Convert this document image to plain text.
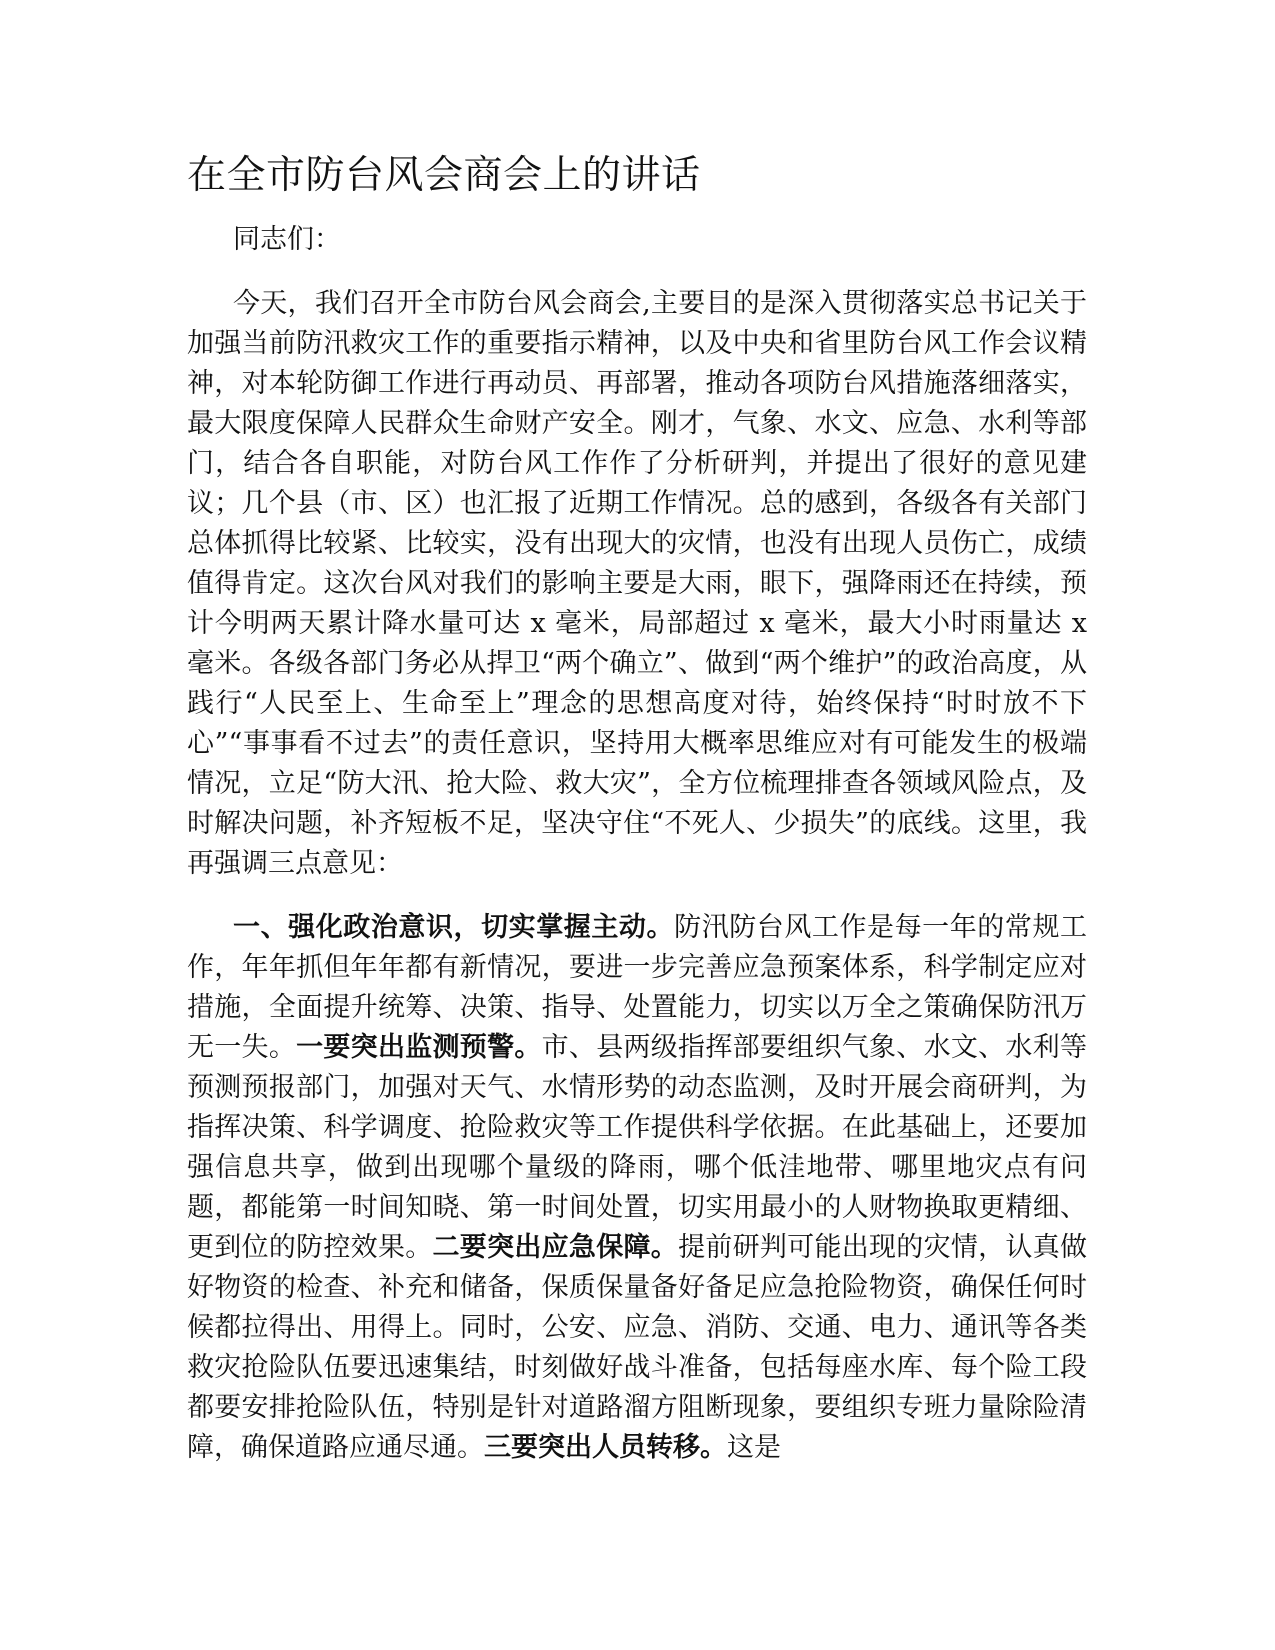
在全市防台风会商会上的讲话

同志们：

今天，我们召开全市防台风会商会,主要目的是深入贯彻落实总书记关于加强当前防汛救灾工作的重要指示精神，以及中央和省里防台风工作会议精神，对本轮防御工作进行再动员、再部署，推动各项防台风措施落细落实，最大限度保障人民群众生命财产安全。刚才，气象、水文、应急、水利等部门，结合各自职能，对防台风工作作了分析研判，并提出了很好的意见建议；几个县（市、区）也汇报了近期工作情况。总的感到，各级各有关部门总体抓得比较紧、比较实，没有出现大的灾情，也没有出现人员伤亡，成绩值得肯定。这次台风对我们的影响主要是大雨，眼下，强降雨还在持续，预计今明两天累计降水量可达 x 毫米，局部超过 x 毫米，最大小时雨量达 x 毫米。各级各部门务必从捍卫“两个确立”、做到“两个维护”的政治高度，从践行“人民至上、生命至上”理念的思想高度对待，始终保持“时时放不下心”“事事看不过去”的责任意识，坚持用大概率思维应对有可能发生的极端情况，立足“防大汛、抢大险、救大灾”，全方位梳理排查各领域风险点，及时解决问题，补齐短板不足，坚决守住“不死人、少损失”的底线。这里，我再强调三点意见：

一、强化政治意识，切实掌握主动。防汛防台风工作是每一年的常规工作，年年抓但年年都有新情况，要进一步完善应急预案体系，科学制定应对措施，全面提升统筹、决策、指导、处置能力，切实以万全之策确保防汛万无一失。一要突出监测预警。市、县两级指挥部要组织气象、水文、水利等预测预报部门，加强对天气、水情形势的动态监测，及时开展会商研判，为指挥决策、科学调度、抢险救灾等工作提供科学依据。在此基础上，还要加强信息共享，做到出现哪个量级的降雨，哪个低洼地带、哪里地灾点有问题，都能第一时间知晓、第一时间处置，切实用最小的人财物换取更精细、更到位的防控效果。二要突出应急保障。提前研判可能出现的灾情，认真做好物资的检查、补充和储备，保质保量备好备足应急抢险物资，确保任何时候都拉得出、用得上。同时，公安、应急、消防、交通、电力、通讯等各类救灾抢险队伍要迅速集结，时刻做好战斗准备，包括每座水库、每个险工段都要安排抢险队伍，特别是针对道路溜方阻断现象，要组织专班力量除险清障，确保道路应通尽通。三要突出人员转移。这是
